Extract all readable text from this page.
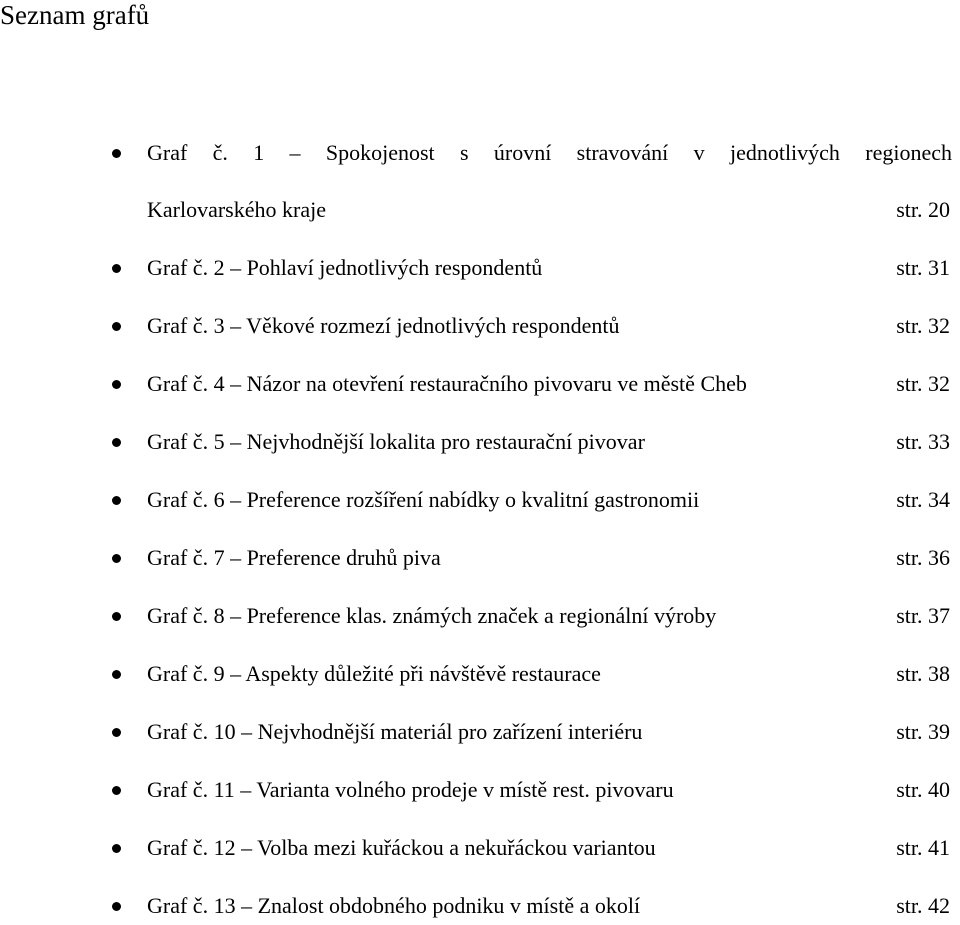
Seznam grafů
Graf č. 1 – Spokojenost s úrovní stravování v jednotlivých regionech
Karlovarského kraje	str. 20
Graf č. 2 – Pohlaví jednotlivých respondentů	str. 31
Graf č. 3 – Věkové rozmezí jednotlivých respondentů	str. 32
Graf č. 4 – Názor na otevření restauračního pivovaru ve městě Cheb	str. 32
Graf č. 5 – Nejvhodnější lokalita pro restaurační pivovar	str. 33
Graf č. 6 – Preference rozšíření nabídky o kvalitní gastronomii	str. 34
Graf č. 7 – Preference druhů piva	str. 36
Graf č. 8 – Preference klas. známých značek a regionální výroby	str. 37
Graf č. 9 – Aspekty důležité při návštěvě restaurace	str. 38
Graf č. 10 – Nejvhodnější materiál pro zařízení interiéru	str. 39
Graf č. 11 – Varianta volného prodeje v místě rest. pivovaru	str. 40
Graf č. 12 – Volba mezi kuřáckou a nekuřáckou variantou	str. 41
Graf č. 13 – Znalost obdobného podniku v místě a okolí	str. 42
